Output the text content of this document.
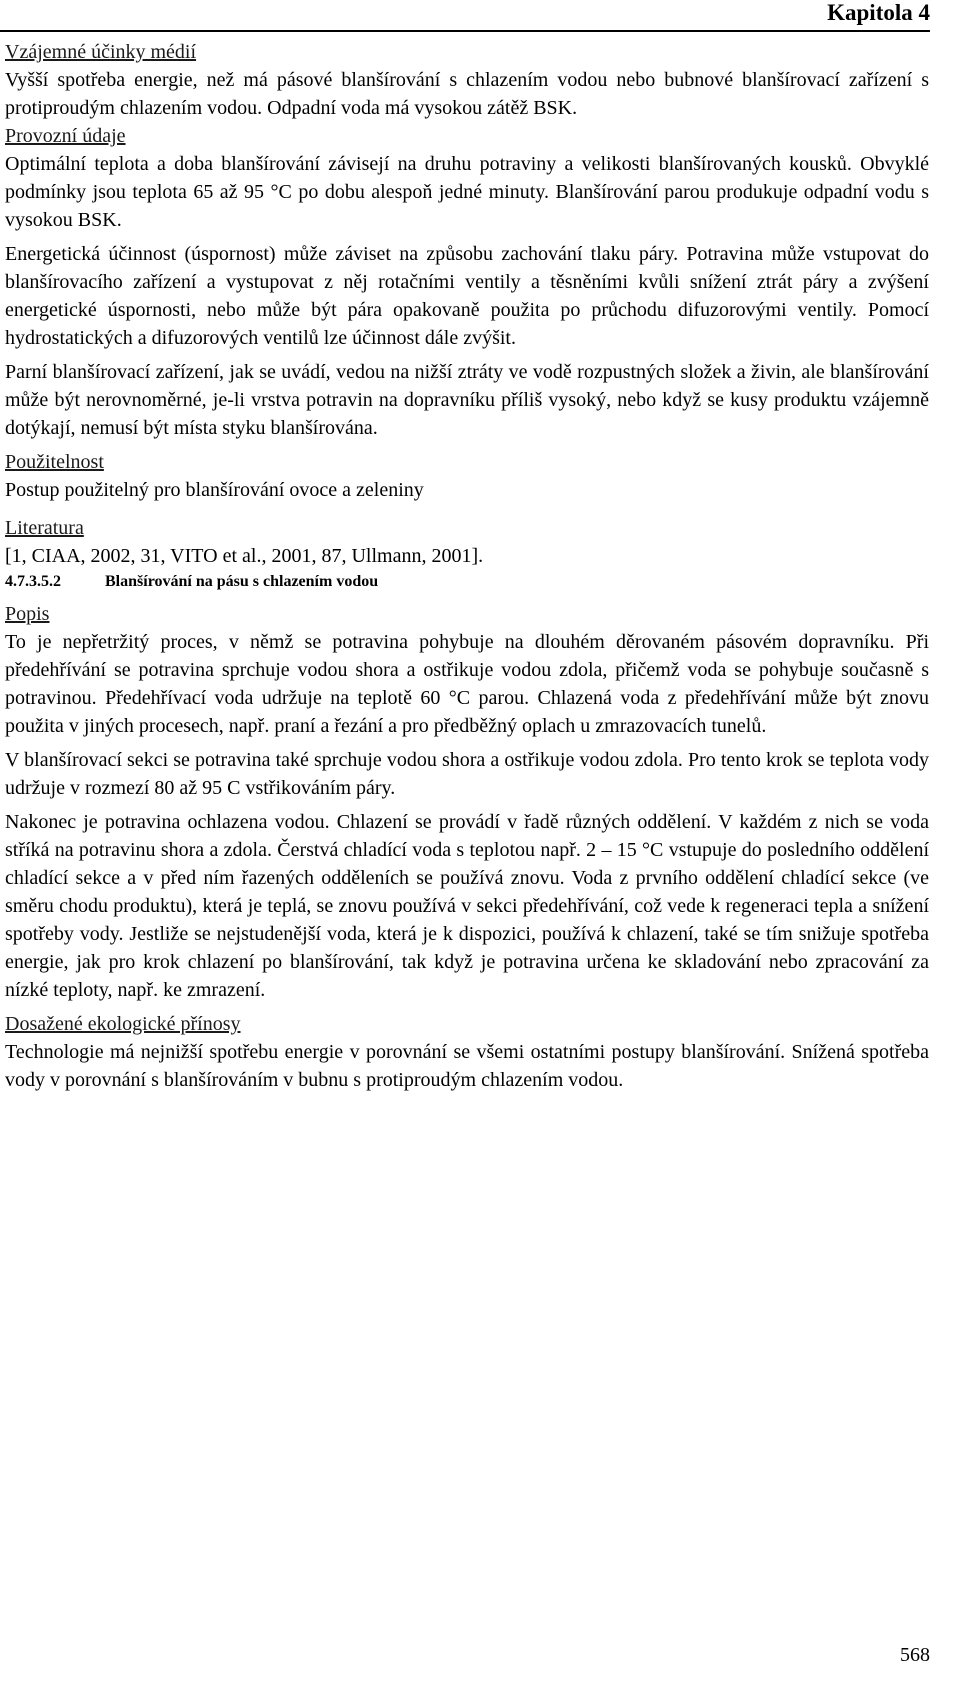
Kapitola 4
Vzájemné účinky médií
Vyšší spotřeba energie, než má pásové blanšírování s chlazením vodou nebo bubnové blanšírovací zařízení s protiproudým chlazením vodou. Odpadní voda má vysokou zátěž BSK.
Provozní údaje
Optimální teplota a doba blanšírování závisejí na druhu potraviny a velikosti blanšírovaných kousků. Obvyklé podmínky jsou teplota 65 až 95 °C po dobu alespoň jedné minuty. Blanšírování parou produkuje odpadní vodu s vysokou BSK.
Energetická účinnost (úspornost) může záviset na způsobu zachování tlaku páry. Potravina může vstupovat do blanšírovacího zařízení a vystupovat z něj rotačními ventily a těsněními kvůli snížení ztrát páry a zvýšení energetické úspornosti, nebo může být pára opakovaně použita po průchodu difuzorovými ventily. Pomocí hydrostatických a difuzorových ventilů lze účinnost dále zvýšit.
Parní blanšírovací zařízení, jak se uvádí, vedou na nižší ztráty ve vodě rozpustných složek a živin, ale blanšírování může být nerovnoměrné, je-li vrstva potravin na dopravníku příliš vysoký, nebo když se kusy produktu vzájemně dotýkají, nemusí být místa styku blanšírována.
Použitelnost
Postup použitelný pro blanšírování ovoce a zeleniny
Literatura
[1, CIAA, 2002, 31, VITO et al., 2001, 87, Ullmann, 2001].
4.7.3.5.2	Blanšírování na pásu s chlazením vodou
Popis
To je nepřetržitý proces, v němž se potravina pohybuje na dlouhém děrovaném pásovém dopravníku. Při předehřívání se potravina sprchuje vodou shora a ostřikuje vodou zdola, přičemž voda se pohybuje současně s potravinou. Předehřívací voda udržuje na teplotě 60 °C parou. Chlazená voda z předehřívání může být znovu použita v jiných procesech, např. praní a řezání a pro předběžný oplach u zmrazovacích tunelů.
V blanšírovací sekci se potravina také sprchuje vodou shora a ostřikuje vodou zdola. Pro tento krok se teplota vody udržuje v rozmezí 80 až 95 C vstřikováním páry.
Nakonec je potravina ochlazena vodou. Chlazení se provádí v řadě různých oddělení. V každém z nich se voda stříká na potravinu shora a zdola. Čerstvá chladící voda s teplotou např. 2 – 15 °C vstupuje do posledního oddělení chladící sekce a v před ním řazených odděleních se používá znovu. Voda z prvního oddělení chladící sekce (ve směru chodu produktu), která je teplá, se znovu používá v sekci předehřívání, což vede k regeneraci tepla a snížení spotřeby vody. Jestliže se nejstudenější voda, která je k dispozici, používá k chlazení, také se tím snižuje spotřeba energie, jak pro krok chlazení po blanšírování, tak když je potravina určena ke skladování nebo zpracování za nízké teploty, např. ke zmrazení.
Dosažené ekologické přínosy
Technologie má nejnižší spotřebu energie v porovnání se všemi ostatními postupy blanšírování. Snížená spotřeba vody v porovnání s blanšírováním v bubnu s protiproudým chlazením vodou.
568
